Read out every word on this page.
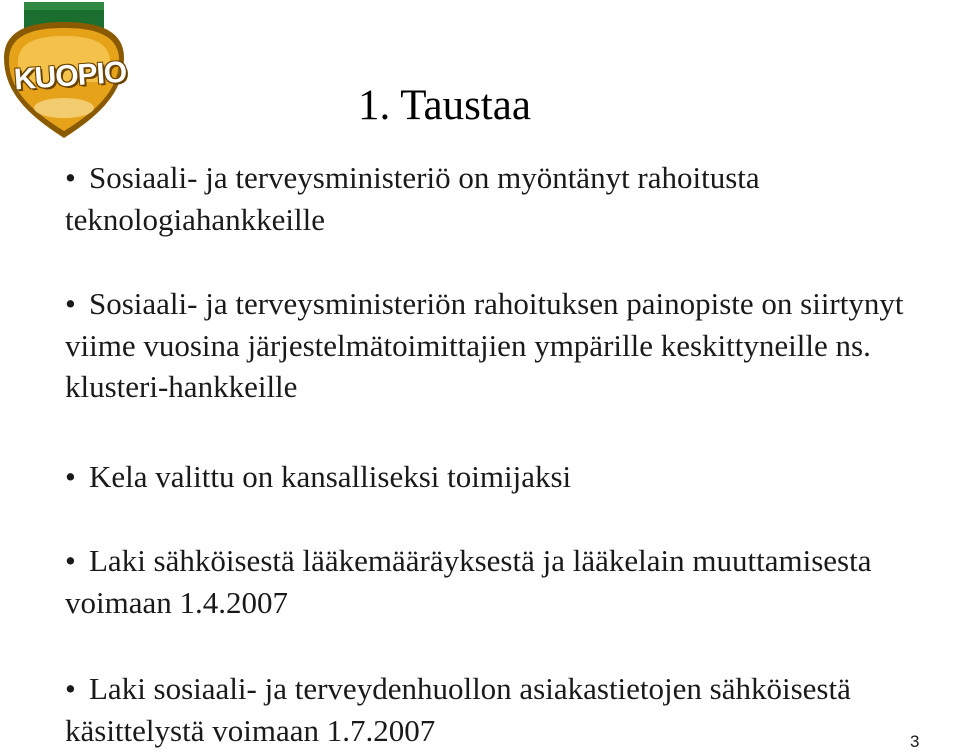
KUOPIO
1. Taustaa
• Sosiaali- ja terveysministeriö on myöntänyt rahoitusta teknologiahankkeille
• Sosiaali- ja terveysministeriön rahoituksen painopiste on siirtynyt viime vuosina järjestelmätoimittajien ympärille keskittyneille ns. klusteri-hankkeille
• Kela valittu on kansalliseksi toimijaksi
• Laki sähköisestä lääkemääräyksestä ja lääkelain muuttamisesta voimaan 1.4.2007
• Laki sosiaali- ja terveydenhuollon asiakastietojen sähköisestä käsittelystä voimaan 1.7.2007	3
